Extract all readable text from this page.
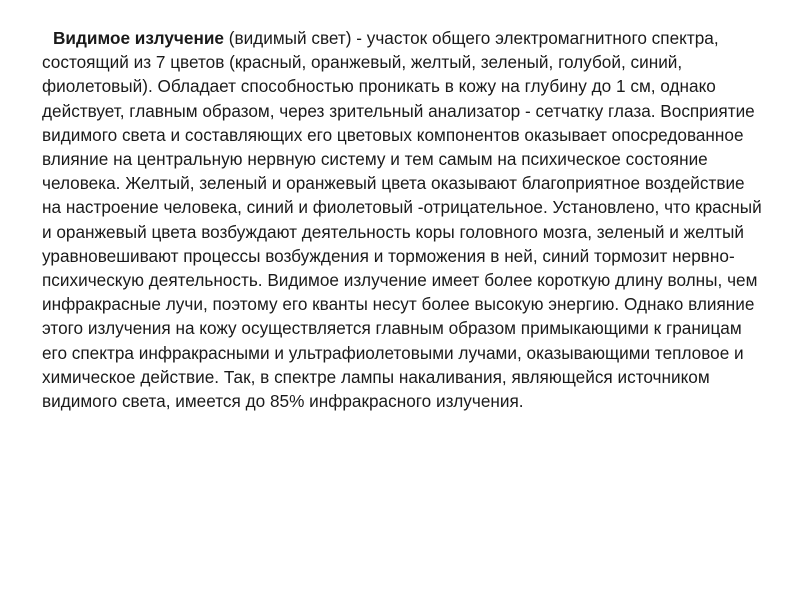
Видимое излучение (видимый свет) - участок общего электромагнитного спектра, состоящий из 7 цветов (красный, оранжевый, желтый, зеленый, голубой, синий, фиолетовый). Обладает способностью проникать в кожу на глубину до 1 см, однако действует, главным образом, через зрительный анализатор - сетчатку глаза. Восприятие видимого света и составляющих его цветовых компонентов оказывает опосредованное влияние на центральную нервную систему и тем самым на психическое состояние человека. Желтый, зеленый и оранжевый цвета оказывают благоприятное воздействие на настроение человека, синий и фиолетовый -отрицательное. Установлено, что красный и оранжевый цвета возбуждают деятельность коры головного мозга, зеленый и желтый уравновешивают процессы возбуждения и торможения в ней, синий тормозит нервно-психическую деятельность. Видимое излучение имеет более короткую длину волны, чем инфракрасные лучи, поэтому его кванты несут более высокую энергию. Однако влияние этого излучения на кожу осуществляется главным образом примыкающими к границам его спектра инфракрасными и ультрафиолетовыми лучами, оказывающими тепловое и химическое действие. Так, в спектре лампы накаливания, являющейся источником видимого света, имеется до 85% инфракрасного излучения.
